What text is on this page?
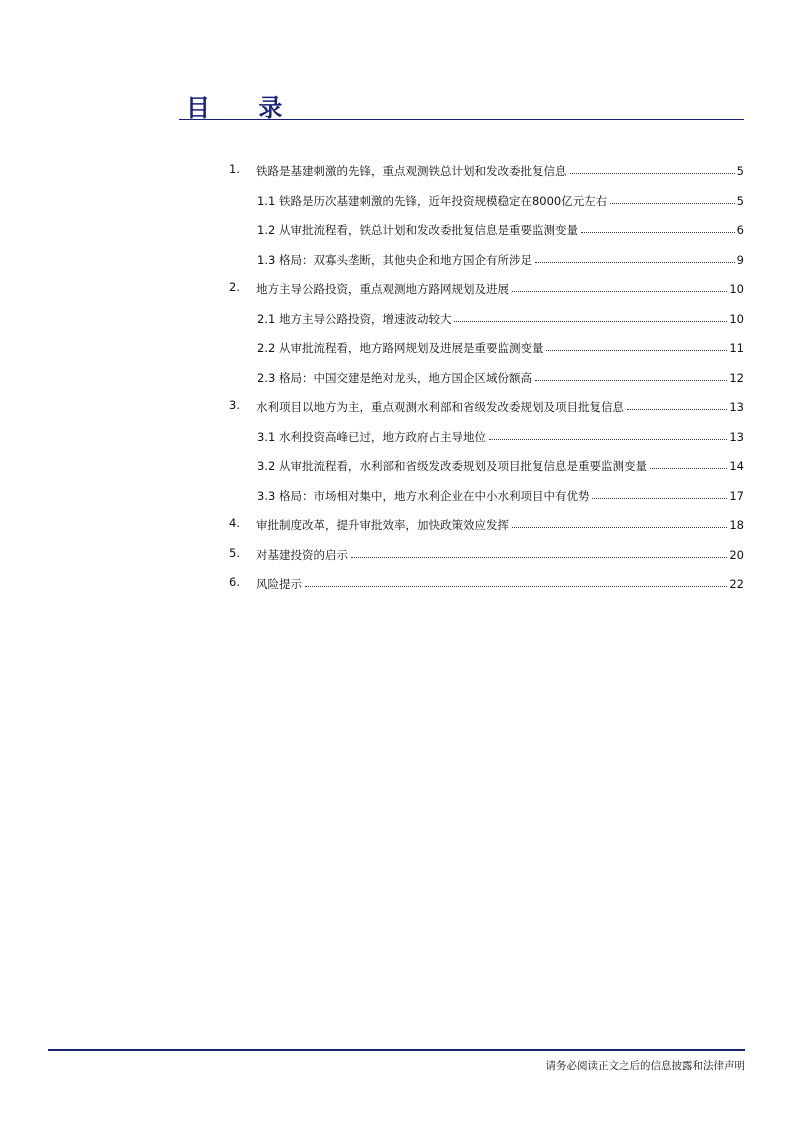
目 录
1. 铁路是基建刺激的先锋，重点观测铁总计划和发改委批复信息	5
1.1 铁路是历次基建刺激的先锋，近年投资规模稳定在8000亿元左右	5
1.2 从审批流程看，铁总计划和发改委批复信息是重要监测变量	6
1.3 格局：双寡头垄断，其他央企和地方国企有所涉足	9
2. 地方主导公路投资，重点观测地方路网规划及进展	10
2.1 地方主导公路投资，增速波动较大	10
2.2 从审批流程看，地方路网规划及进展是重要监测变量	11
2.3 格局：中国交建是绝对龙头，地方国企区域份额高	12
3. 水利项目以地方为主，重点观测水利部和省级发改委规划及项目批复信息	13
3.1 水利投资高峰已过，地方政府占主导地位	13
3.2 从审批流程看，水利部和省级发改委规划及项目批复信息是重要监测变量	14
3.3 格局：市场相对集中，地方水利企业在中小水利项目中有优势	17
4. 审批制度改革，提升审批效率，加快政策效应发挥	18
5. 对基建投资的启示	20
6. 风险提示	22
请务必阅读正文之后的信息披露和法律声明
